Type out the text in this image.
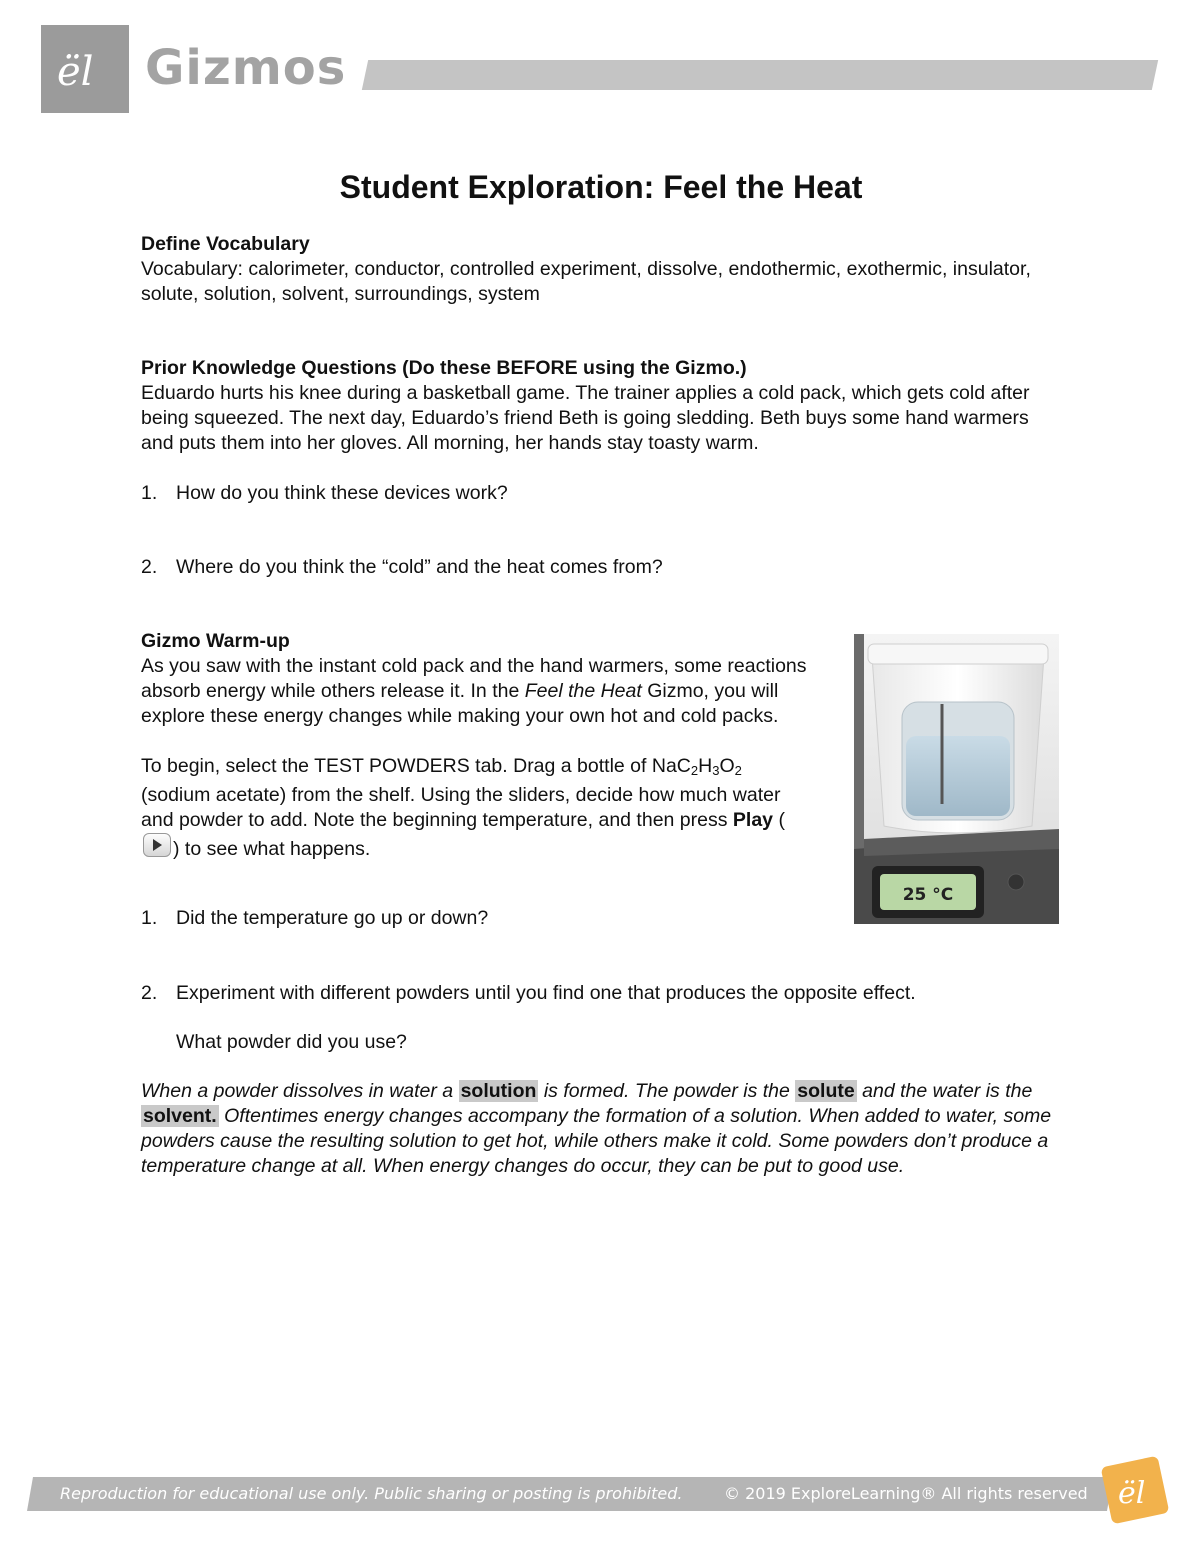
ël Gizmos
Student Exploration: Feel the Heat
Define Vocabulary

Vocabulary: calorimeter, conductor, controlled experiment, dissolve, endothermic, exothermic, insulator, solute, solution, solvent, surroundings, system

Prior Knowledge Questions (Do these BEFORE using the Gizmo.)

Eduardo hurts his knee during a basketball game. The trainer applies a cold pack, which gets cold after being squeezed. The next day, Eduardo’s friend Beth is going sledding. Beth buys some hand warmers and puts them into her gloves. All morning, her hands stay toasty warm.

1. How do you think these devices work?
2. Where do you think the “cold” and the heat comes from?
Gizmo Warm-up

As you saw with the instant cold pack and the hand warmers, some reactions absorb energy while others release it. In the Feel the Heat Gizmo, you will explore these energy changes while making your own hot and cold packs.

To begin, select the TEST POWDERS tab. Drag a bottle of $NaC_2H_3O_2$ (sodium acetate) from the shelf. Using the sliders, decide how much water and powder to add. Note the beginning temperature, and then press Play () to see what happens.

1. Did the temperature go up or down?
2. Experiment with different powders until you find one that produces the opposite effect.
What powder did you use?
When a powder dissolves in water a solution is formed. The powder is the solute and the water is the solvent. Oftentimes energy changes accompany the formation of a solution. When added to water, some powders cause the resulting solution to get hot, while others make it cold. Some powders don’t produce a temperature change at all. When energy changes do occur, they can be put to good use.
25 °C
Reproduction for educational use only. Public sharing or posting is prohibited.	© 2019 ExploreLearning® All rights reserved ël
